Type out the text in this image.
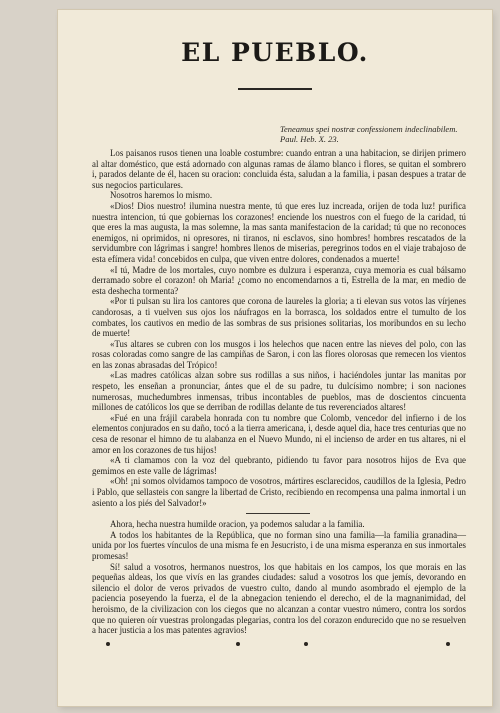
EL PUEBLO.
Teneamus spei nostræ confessionem indeclinabilem. Paul. Heb. X. 23.

Los paisanos rusos tienen una loable costumbre: cuando entran a una habitacion, se dirijen primero al altar doméstico, que está adornado con algunas ramas de álamo blanco i flores, se quitan el sombrero i, parados delante de él, hacen su oracion: concluida ésta, saludan a la familia, i pasan despues a tratar de sus negocios particulares.

Nosotros haremos lo mismo.

«Dios! Dios nuestro! ilumina nuestra mente, tú que eres luz increada, orijen de toda luz! purifica nuestra intencion, tú que gobiernas los corazones! enciende los nuestros con el fuego de la caridad, tú que eres la mas augusta, la mas solemne, la mas santa manifestacion de la caridad; tú que no reconoces enemigos, ni oprimidos, ni opresores, ni tiranos, ni esclavos, sino hombres! hombres rescatados de la servidumbre con lágrimas i sangre! hombres llenos de miserias, peregrinos todos en el viaje trabajoso de esta efímera vida! concebidos en culpa, que viven entre dolores, condenados a muerte!

«I tú, Madre de los mortales, cuyo nombre es dulzura i esperanza, cuya memoria es cual bálsamo derramado sobre el corazon! oh Maria! ¿como no encomendarnos a ti, Estrella de la mar, en medio de esta deshecha tormenta?

«Por ti pulsan su lira los cantores que corona de laureles la gloria; a ti elevan sus votos las vírjenes candorosas, a ti vuelven sus ojos los náufragos en la borrasca, los soldados entre el tumulto de los combates, los cautivos en medio de las sombras de sus prisiones solitarias, los moribundos en su lecho de muerte!

«Tus altares se cubren con los musgos i los helechos que nacen entre las nieves del polo, con las rosas coloradas como sangre de las campiñas de Saron, i con las flores olorosas que remecen los vientos en las zonas abrasadas del Trópico!

«Las madres católicas alzan sobre sus rodillas a sus niños, i haciéndoles juntar las manitas por respeto, les enseñan a pronunciar, ántes que el de su padre, tu dulcísimo nombre; i son naciones numerosas, muchedumbres inmensas, tribus incontables de pueblos, mas de doscientos cincuenta millones de católicos los que se derriban de rodillas delante de tus reverenciados altares!

«Fué en una frájil carabela honrada con tu nombre que Colomb, vencedor del infierno i de los elementos conjurados en su daño, tocó a la tierra americana, i, desde aquel dia, hace tres centurias que no cesa de resonar el himno de tu alabanza en el Nuevo Mundo, ni el incienso de arder en tus altares, ni el amor en los corazones de tus hijos!

«A ti clamamos con la voz del quebranto, pidiendo tu favor para nosotros hijos de Eva que gemimos en este valle de lágrimas!

«Oh! ¡ni somos olvidamos tampoco de vosotros, mártires esclarecidos, caudillos de la Iglesia, Pedro i Pablo, que sellasteis con sangre la libertad de Cristo, recibiendo en recompensa una palma inmortal i un asiento a los piés del Salvador!»

Ahora, hecha nuestra humilde oracion, ya podemos saludar a la familia.

A todos los habitantes de la República, que no forman sino una familia—la familia granadina—unida por los fuertes vínculos de una misma fe en Jesucristo, i de una misma esperanza en sus inmortales promesas!

Sí! salud a vosotros, hermanos nuestros, los que habitais en los campos, los que morais en las pequeñas aldeas, los que vivís en las grandes ciudades: salud a vosotros los que jemís, devorando en silencio el dolor de veros privados de vuestro culto, dando al mundo asombrado el ejemplo de la paciencia poseyendo la fuerza, el de la abnegacion teniendo el derecho, el de la magnanimidad, del heroismo, de la civilizacion con los ciegos que no alcanzan a contar vuestro número, contra los sordos que no quieren oír vuestras prolongadas plegarias, contra los del corazon endurecido que no se resuelven a hacer justicia a los mas patentes agravios!
